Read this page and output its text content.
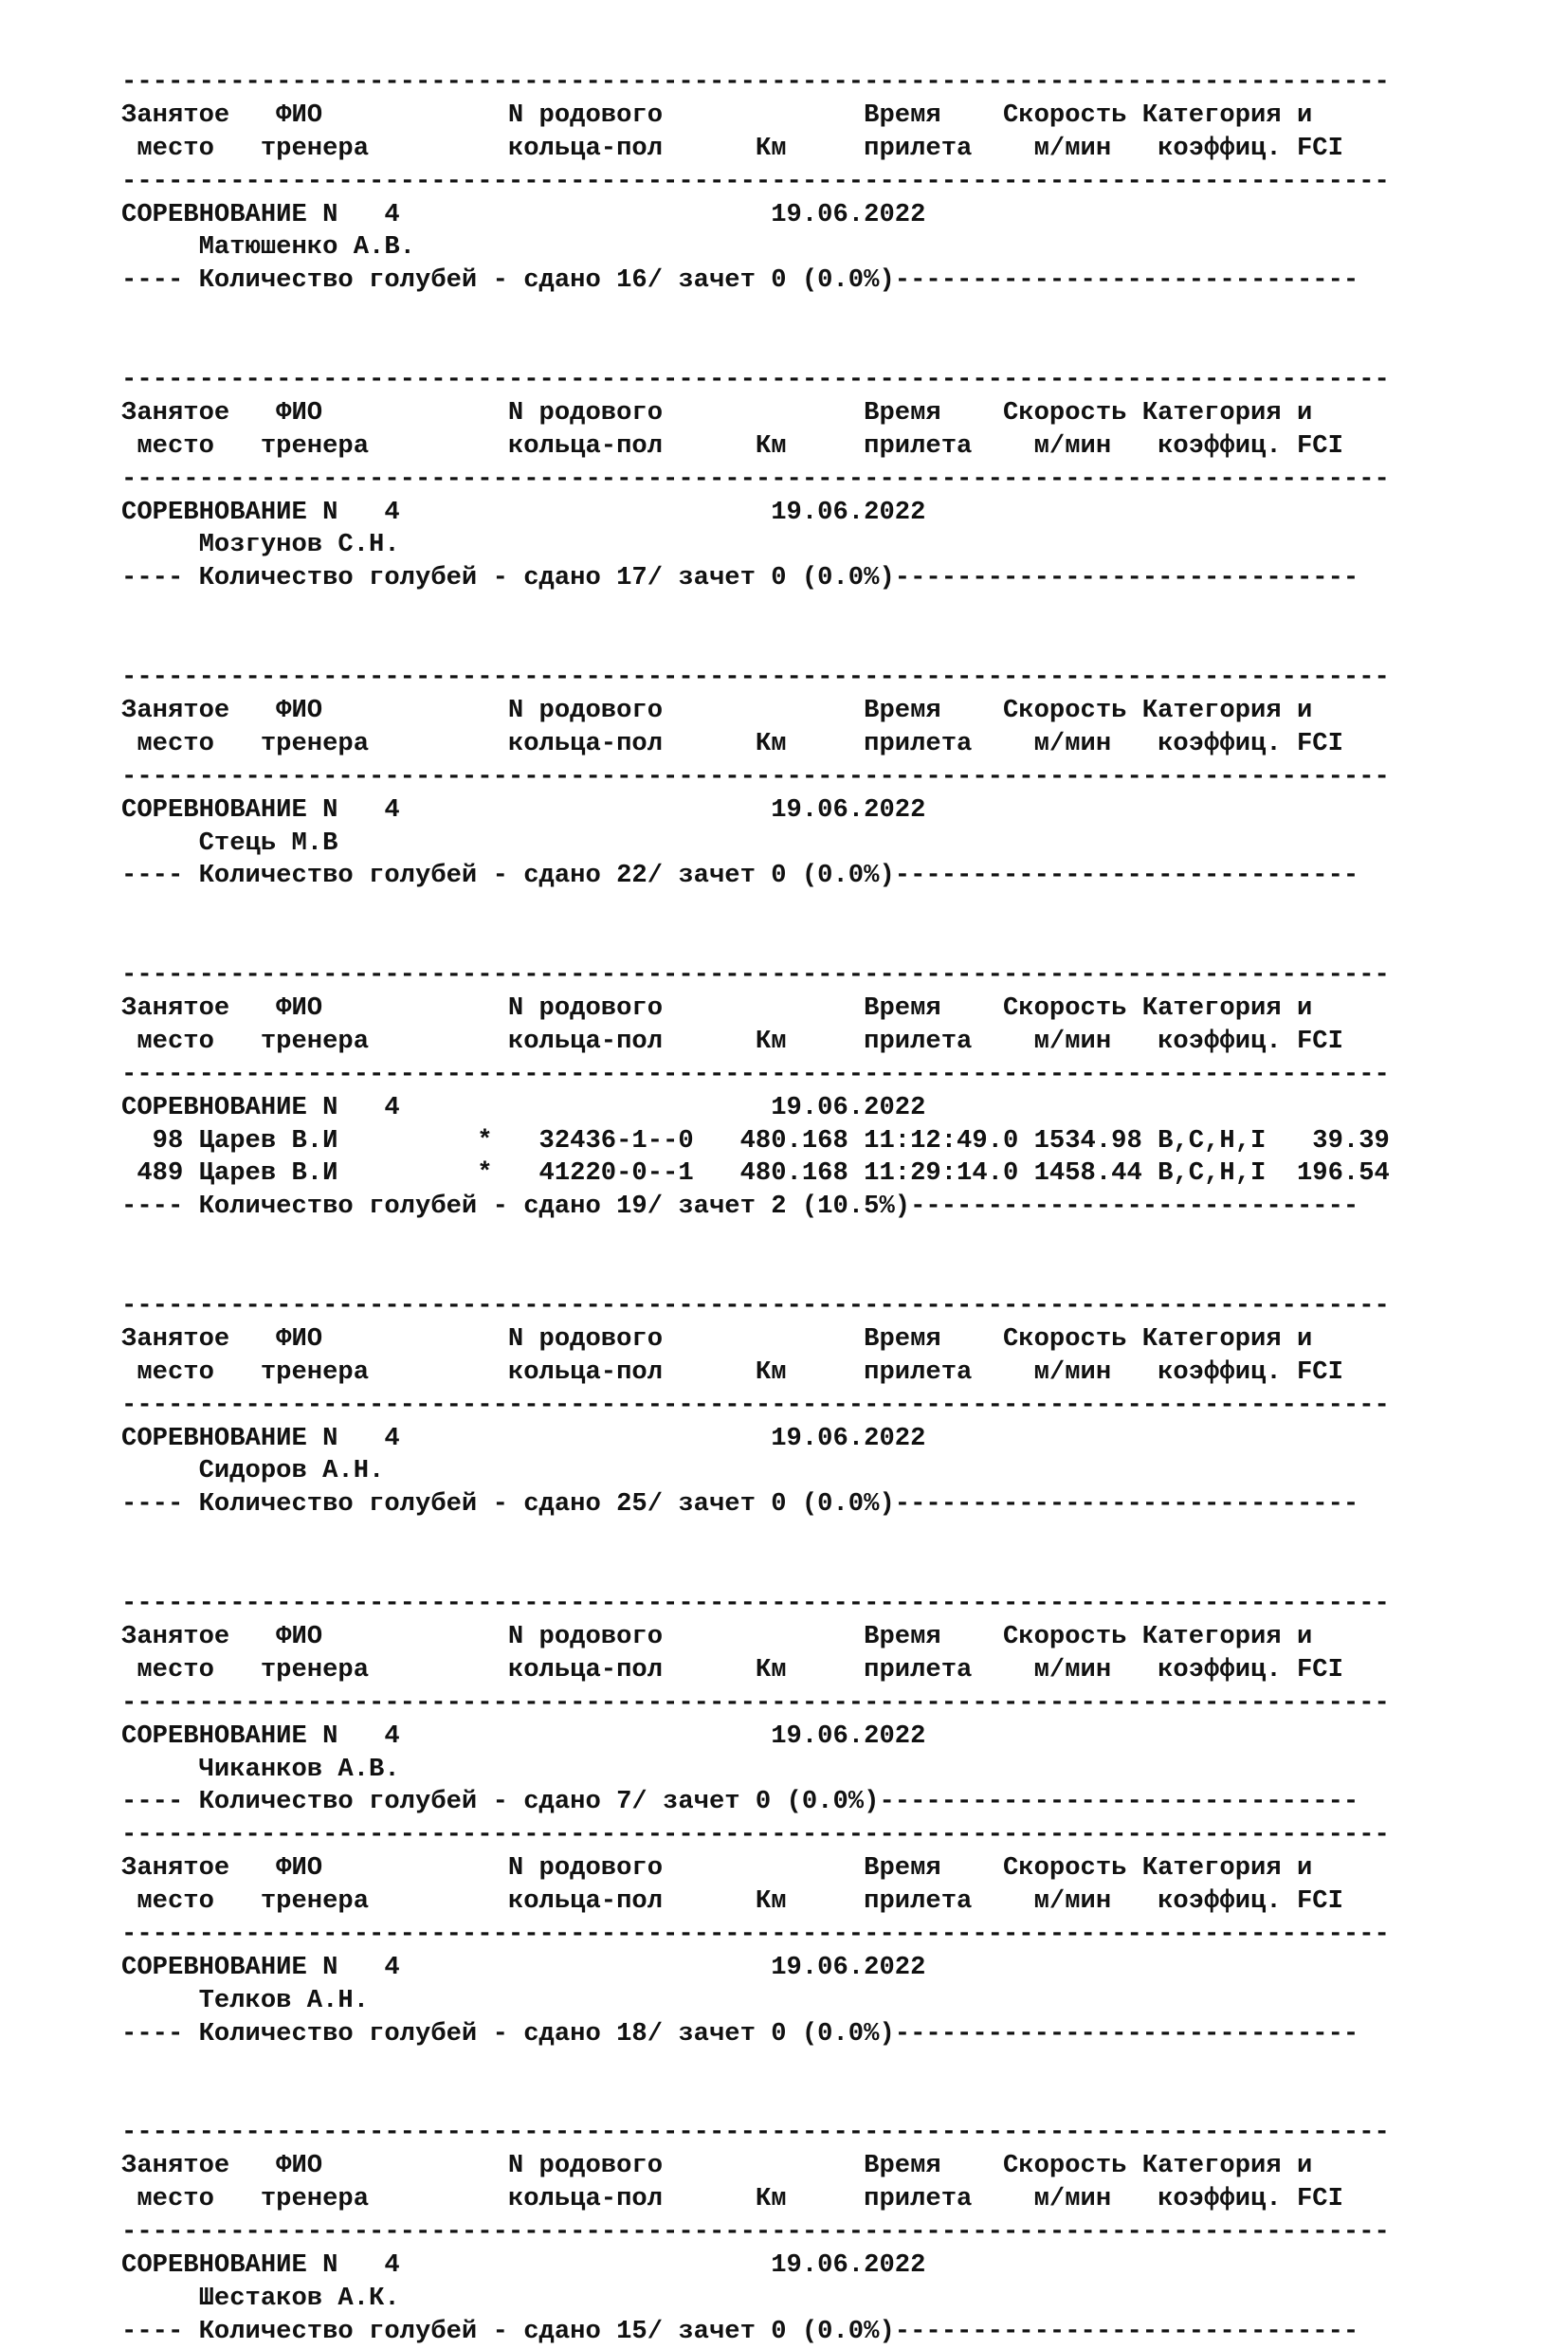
----------------------------------------------------------------------------------
Занятое   ФИО            N родового             Время    Скорость Категория и
место   тренера         кольца-пол      Км     прилета    м/мин   коэффиц. FCI
----------------------------------------------------------------------------------
СОРЕВНОВАНИЕ N   4                        19.06.2022
Матюшенко А.В.
---- Количество голубей - сдано 16/ зачет 0 (0.0%)------------------------------
----------------------------------------------------------------------------------
Занятое   ФИО            N родового             Время    Скорость Категория и
место   тренера         кольца-пол      Км     прилета    м/мин   коэффиц. FCI
----------------------------------------------------------------------------------
СОРЕВНОВАНИЕ N   4                        19.06.2022
Мозгунов С.Н.
---- Количество голубей - сдано 17/ зачет 0 (0.0%)------------------------------
----------------------------------------------------------------------------------
Занятое   ФИО            N родового             Время    Скорость Категория и
место   тренера         кольца-пол      Км     прилета    м/мин   коэффиц. FCI
----------------------------------------------------------------------------------
СОРЕВНОВАНИЕ N   4                        19.06.2022
Стець М.В
---- Количество голубей - сдано 22/ зачет 0 (0.0%)------------------------------
----------------------------------------------------------------------------------
Занятое   ФИО            N родового             Время    Скорость Категория и
место   тренера         кольца-пол      Км     прилета    м/мин   коэффиц. FCI
----------------------------------------------------------------------------------
СОРЕВНОВАНИЕ N   4                        19.06.2022
98 Царев В.И         *   32436-1--0   480.168 11:12:49.0 1534.98 B,C,H,I   39.39
489 Царев В.И         *   41220-0--1   480.168 11:29:14.0 1458.44 B,C,H,I  196.54
---- Количество голубей - сдано 19/ зачет 2 (10.5%)-----------------------------
----------------------------------------------------------------------------------
Занятое   ФИО            N родового             Время    Скорость Категория и
место   тренера         кольца-пол      Км     прилета    м/мин   коэффиц. FCI
----------------------------------------------------------------------------------
СОРЕВНОВАНИЕ N   4                        19.06.2022
Сидоров А.Н.
---- Количество голубей - сдано 25/ зачет 0 (0.0%)------------------------------
----------------------------------------------------------------------------------
Занятое   ФИО            N родового             Время    Скорость Категория и
место   тренера         кольца-пол      Км     прилета    м/мин   коэффиц. FCI
----------------------------------------------------------------------------------
СОРЕВНОВАНИЕ N   4                        19.06.2022
Чиканков А.В.
---- Количество голубей - сдано 7/ зачет 0 (0.0%)-------------------------------
----------------------------------------------------------------------------------
Занятое   ФИО            N родового             Время    Скорость Категория и
место   тренера         кольца-пол      Км     прилета    м/мин   коэффиц. FCI
----------------------------------------------------------------------------------
СОРЕВНОВАНИЕ N   4                        19.06.2022
Телков А.Н.
---- Количество голубей - сдано 18/ зачет 0 (0.0%)------------------------------
----------------------------------------------------------------------------------
Занятое   ФИО            N родового             Время    Скорость Категория и
место   тренера         кольца-пол      Км     прилета    м/мин   коэффиц. FCI
----------------------------------------------------------------------------------
СОРЕВНОВАНИЕ N   4                        19.06.2022
Шестаков А.К.
---- Количество голубей - сдано 15/ зачет 0 (0.0%)------------------------------
